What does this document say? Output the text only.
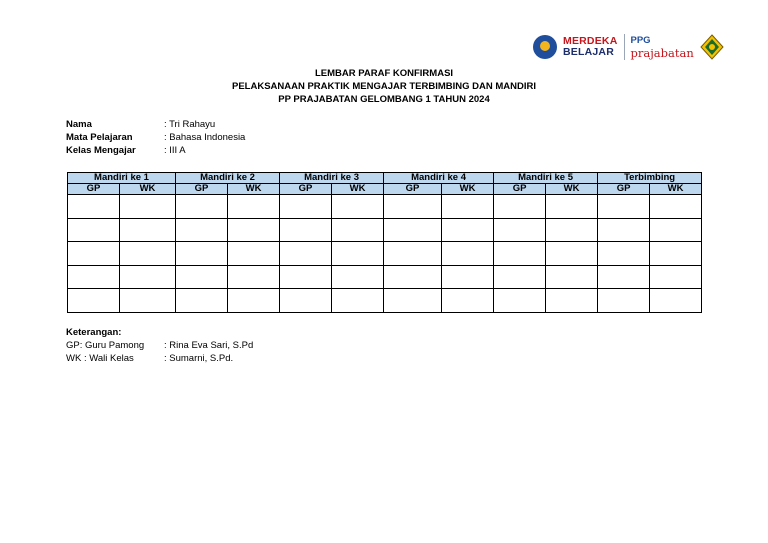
MERDEKA
BELAJAR
PPG
prajabatan
LEMBAR PARAF KONFIRMASI
PELAKSANAAN PRAKTIK MENGAJAR TERBIMBING DAN MANDIRI
PP PRAJABATAN GELOMBANG 1 TAHUN 2024
Nama	: Tri Rahayu
Mata Pelajaran	: Bahasa Indonesia
Kelas Mengajar	: III A
Mandiri ke 1		Mandiri ke 2		Mandiri ke 3		Mandiri ke 4		Mandiri ke 5		Terbimbing	
GP	WK	GP	WK	GP	WK	GP	WK	GP	WK	GP	WK

Keterangan:
GP: Guru Pamong	: Rina Eva Sari, S.Pd
WK : Wali Kelas	: Sumarni, S.Pd.
